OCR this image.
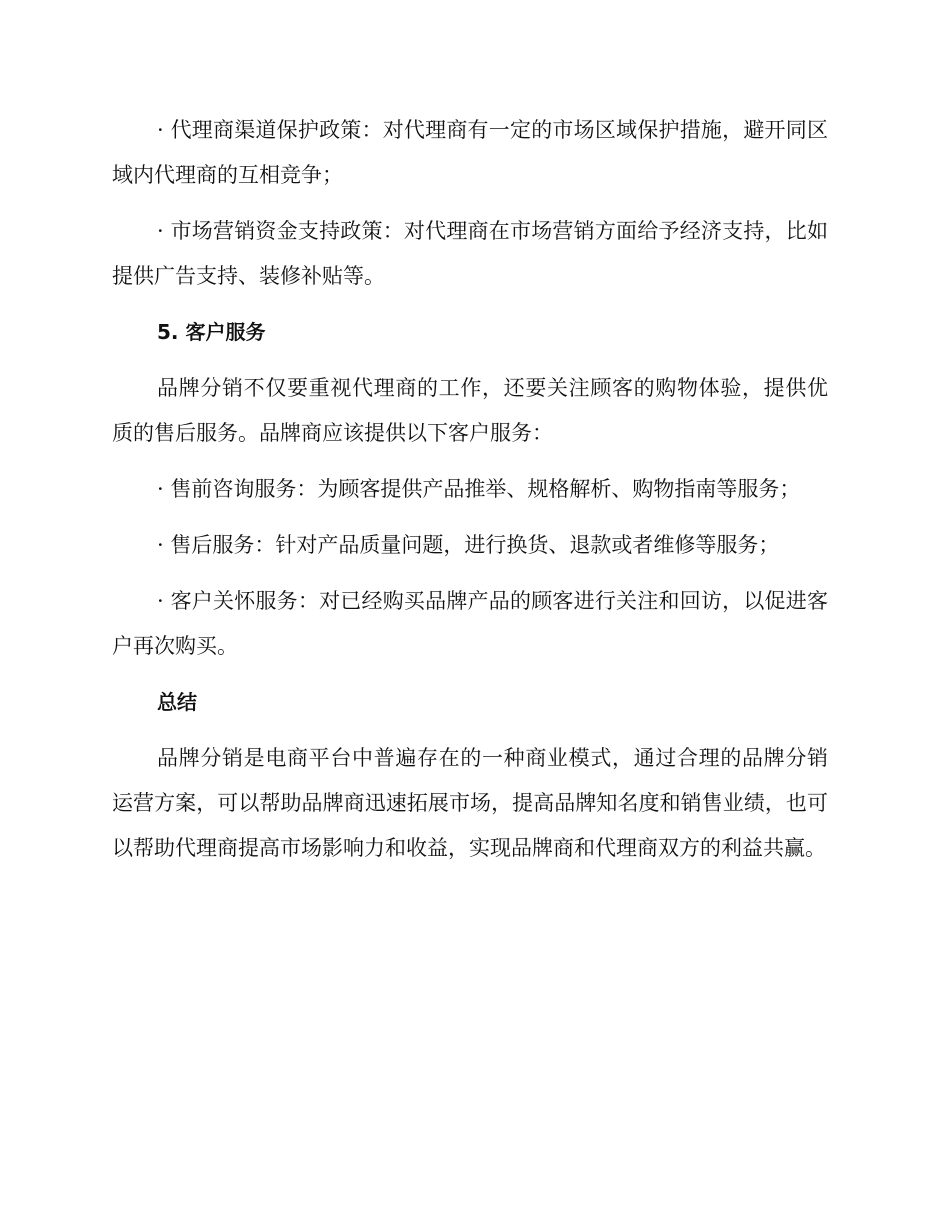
· 代理商渠道保护政策：对代理商有一定的市场区域保护措施，避开同区域内代理商的互相竞争；

· 市场营销资金支持政策：对代理商在市场营销方面给予经济支持，比如提供广告支持、装修补贴等。

5. 客户服务

品牌分销不仅要重视代理商的工作，还要关注顾客的购物体验，提供优质的售后服务。品牌商应该提供以下客户服务：

· 售前咨询服务：为顾客提供产品推举、规格解析、购物指南等服务；

· 售后服务：针对产品质量问题，进行换货、退款或者维修等服务；

· 客户关怀服务：对已经购买品牌产品的顾客进行关注和回访，以促进客户再次购买。

总结

品牌分销是电商平台中普遍存在的一种商业模式，通过合理的品牌分销运营方案，可以帮助品牌商迅速拓展市场，提高品牌知名度和销售业绩，也可以帮助代理商提高市场影响力和收益，实现品牌商和代理商双方的利益共赢。
